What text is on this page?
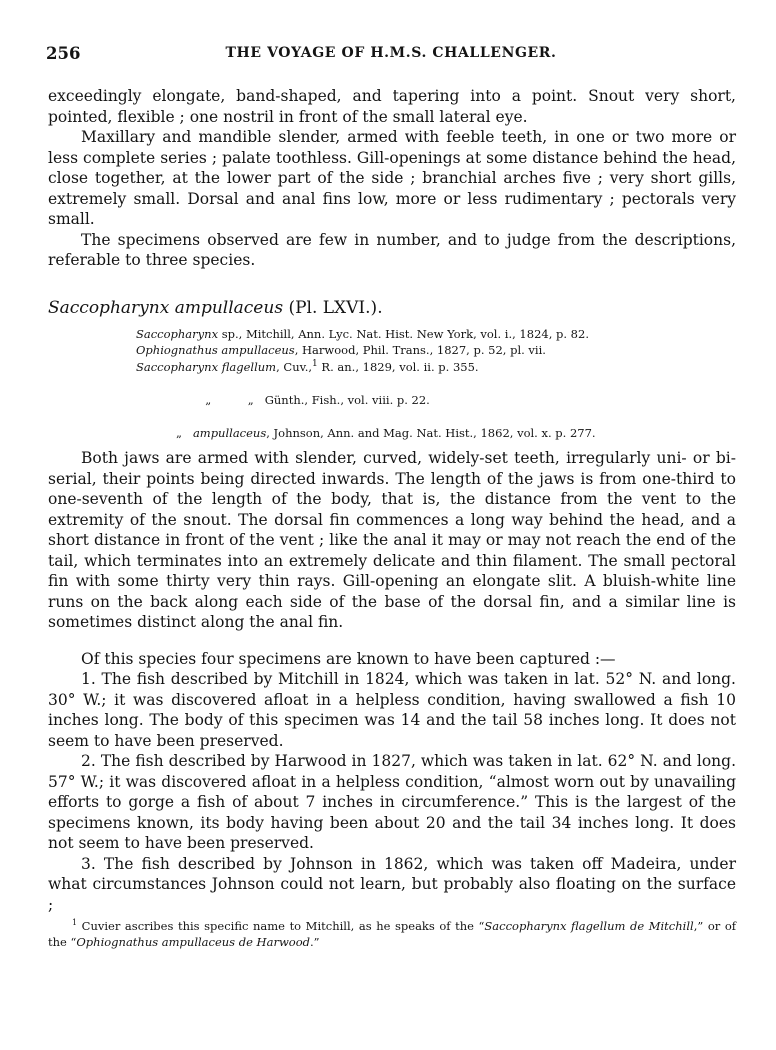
256	THE VOYAGE OF H.M.S. CHALLENGER.

exceedingly elongate, band-shaped, and tapering into a point. Snout very short, pointed, flexible ; one nostril in front of the small lateral eye.

Maxillary and mandible slender, armed with feeble teeth, in one or two more or less complete series ; palate toothless. Gill-openings at some distance behind the head, close together, at the lower part of the side ; branchial arches five ; very short gills, extremely small. Dorsal and anal fins low, more or less rudimentary ; pectorals very small.

The specimens observed are few in number, and to judge from the descriptions, referable to three species.

Saccopharynx ampullaceus (Pl. LXVI.).
Saccopharynx sp., Mitchill, Ann. Lyc. Nat. Hist. New York, vol. i., 1824, p. 82.
Ophiognathus ampullaceus, Harwood, Phil. Trans., 1827, p. 52, pl. vii.
Saccopharynx flagellum, Cuv.,$^1$ R. an., 1829, vol. ii. p. 355.

„          „   Günth., Fish., vol. viii. p. 22.

„ ampullaceus, Johnson, Ann. and Mag. Nat. Hist., 1862, vol. x. p. 277.

Both jaws are armed with slender, curved, widely-set teeth, irregularly uni- or bi-serial, their points being directed inwards. The length of the jaws is from one-third to one-seventh of the length of the body, that is, the distance from the vent to the extremity of the snout. The dorsal fin commences a long way behind the head, and a short distance in front of the vent ; like the anal it may or may not reach the end of the tail, which terminates into an extremely delicate and thin filament. The small pectoral fin with some thirty very thin rays. Gill-opening an elongate slit. A bluish-white line runs on the back along each side of the base of the dorsal fin, and a similar line is sometimes distinct along the anal fin.

Of this species four specimens are known to have been captured :—

1. The fish described by Mitchill in 1824, which was taken in lat. 52° N. and long. 30° W.; it was discovered afloat in a helpless condition, having swallowed a fish 10 inches long. The body of this specimen was 14 and the tail 58 inches long. It does not seem to have been preserved.

2. The fish described by Harwood in 1827, which was taken in lat. 62° N. and long. 57° W.; it was discovered afloat in a helpless condition, “almost worn out by unavailing efforts to gorge a fish of about 7 inches in circumference.” This is the largest of the specimens known, its body having been about 20 and the tail 34 inches long. It does not seem to have been preserved.

3. The fish described by Johnson in 1862, which was taken off Madeira, under what circumstances Johnson could not learn, but probably also floating on the surface ;

$^1$ Cuvier ascribes this specific name to Mitchill, as he speaks of the “Saccopharynx flagellum de Mitchill,” or of the “Ophiognathus ampullaceus de Harwood.”
